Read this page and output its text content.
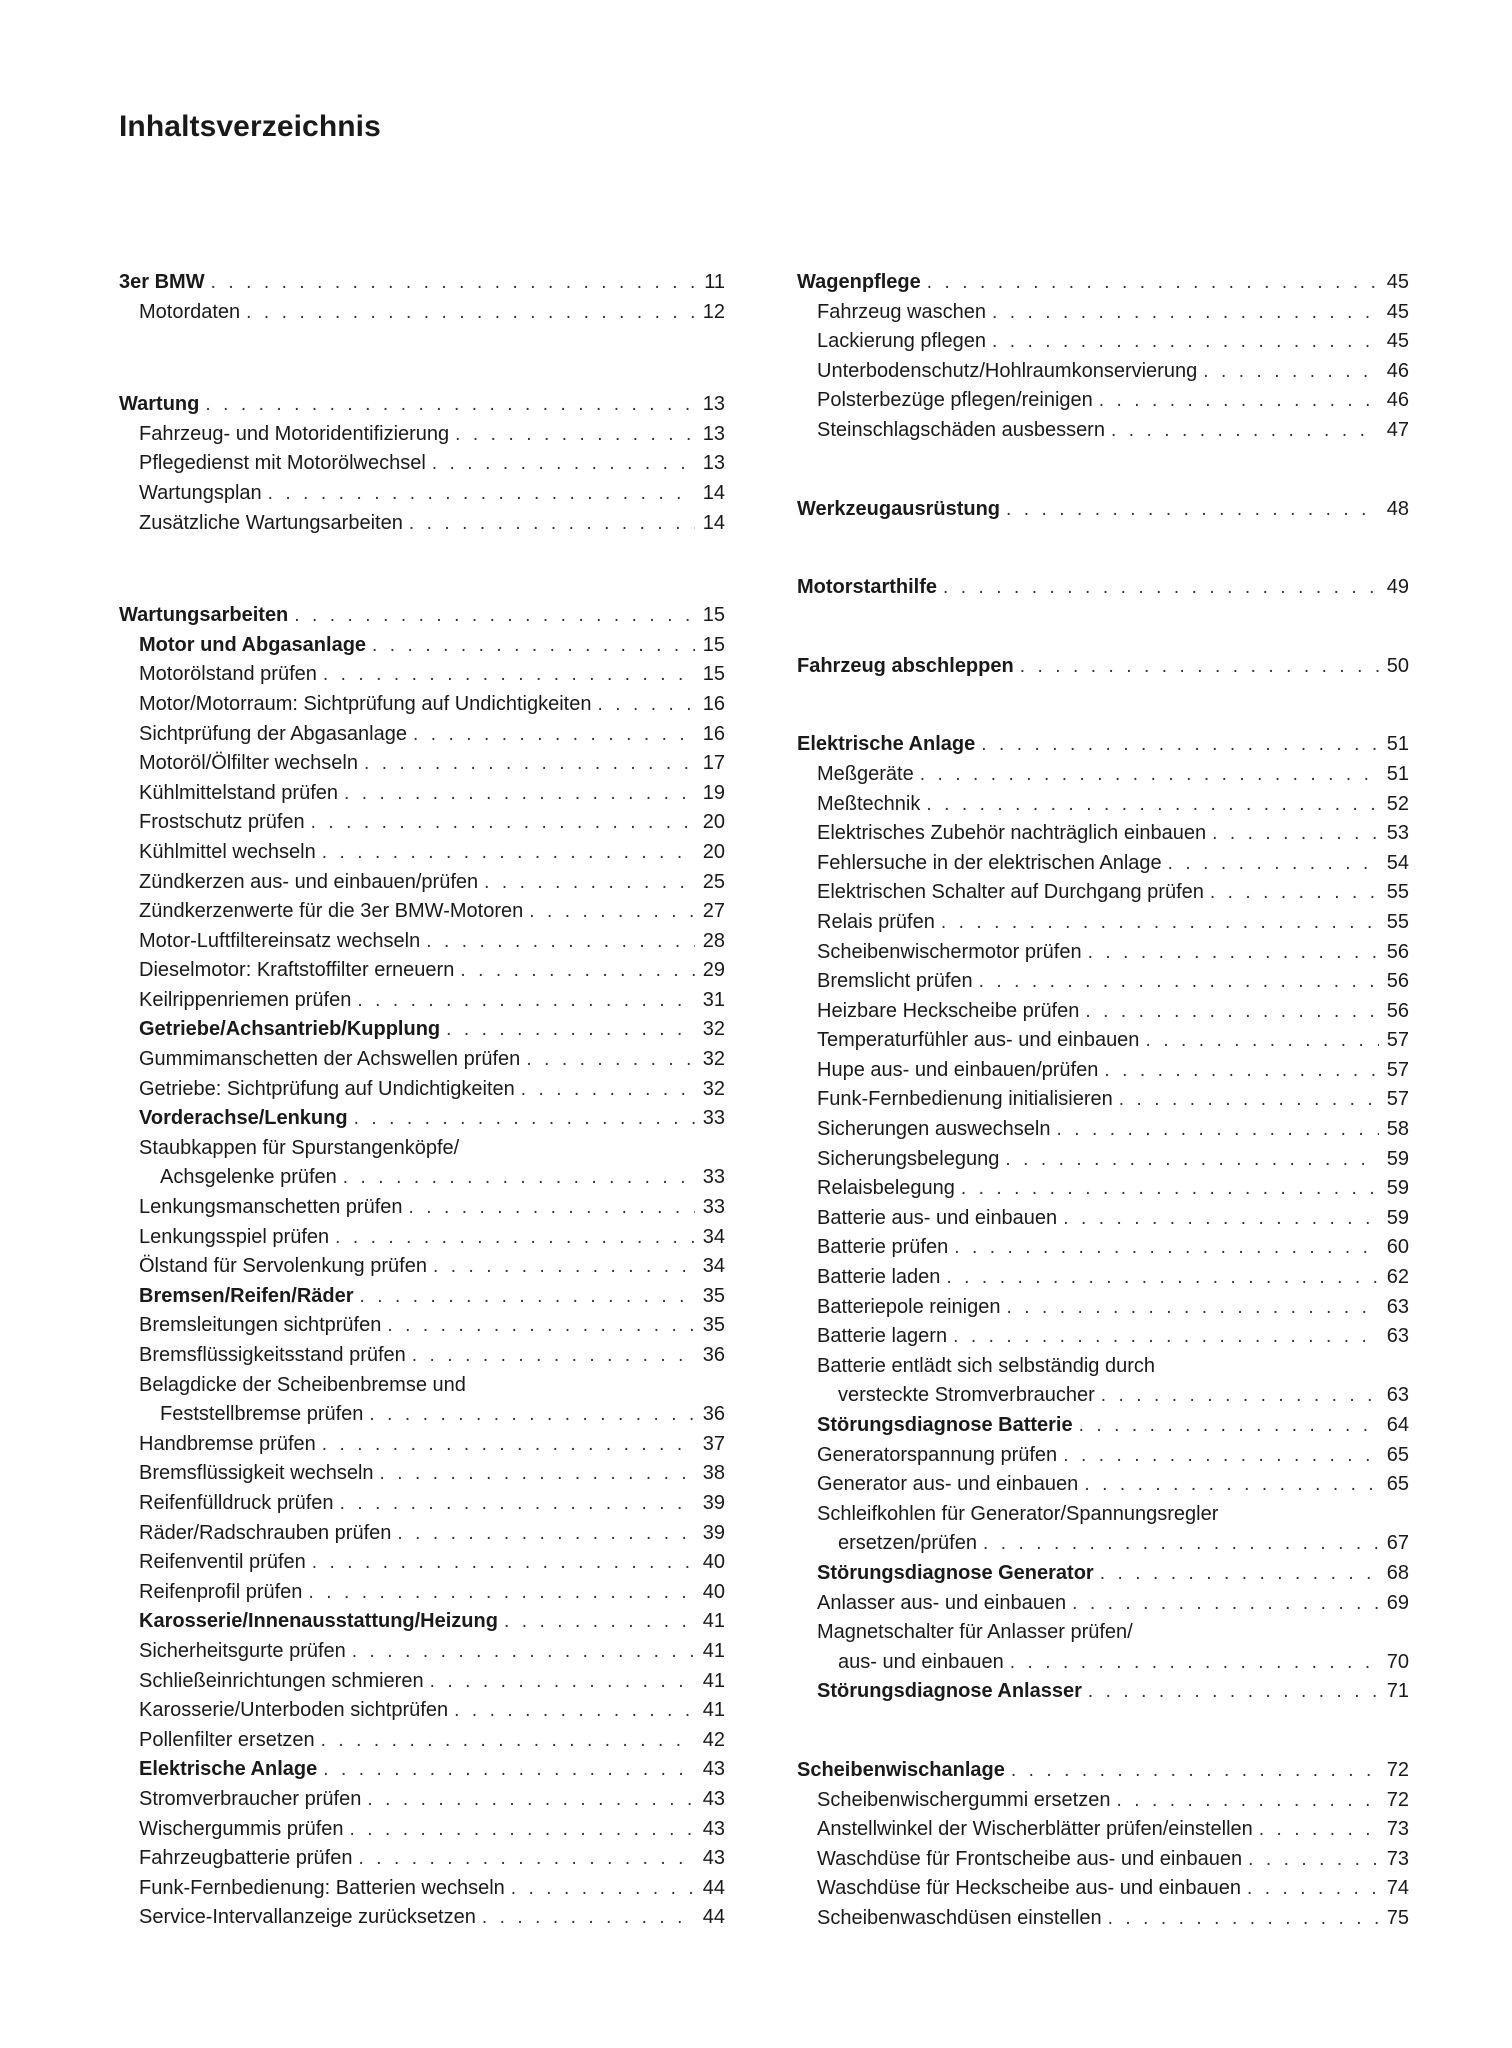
Inhaltsverzeichnis
3er BMW . . .	11
Motordaten . . .	12
Wartung . . .	13
Fahrzeug- und Motoridentifizierung . . .	13
Pflegedienst mit Motorölwechsel . . .	13
Wartungsplan . . .	14
Zusätzliche Wartungsarbeiten . . .	14
Wartungsarbeiten . . .	15
Motor und Abgasanlage . . .	15
Motorölstand prüfen . . .	15
Motor/Motorraum: Sichtprüfung auf Undichtigkeiten . . .	16
Sichtprüfung der Abgasanlage . . .	16
Motoröl/Ölfilter wechseln . . .	17
Kühlmittelstand prüfen . . .	19
Frostschutz prüfen . . .	20
Kühlmittel wechseln . . .	20
Zündkerzen aus- und einbauen/prüfen . . .	25
Zündkerzenwerte für die 3er BMW-Motoren . . .	27
Motor-Luftfiltereinsatz wechseln . . .	28
Dieselmotor: Kraftstoffilter erneuern . . .	29
Keilrippenriemen prüfen . . .	31
Getriebe/Achsantrieb/Kupplung . . .	32
Gummimanschetten der Achswellen prüfen . . .	32
Getriebe: Sichtprüfung auf Undichtigkeiten . . .	32
Vorderachse/Lenkung . . .	33
Staubkappen für Spurstangenköpfe/
Achsgelenke prüfen . . .	33
Lenkungsmanschetten prüfen . . .	33
Lenkungsspiel prüfen . . .	34
Ölstand für Servolenkung prüfen . . .	34
Bremsen/Reifen/Räder . . .	35
Bremsleitungen sichtprüfen . . .	35
Bremsflüssigkeitsstand prüfen . . .	36
Belagdicke der Scheibenbremse und
Feststellbremse prüfen . . .	36
Handbremse prüfen . . .	37
Bremsflüssigkeit wechseln . . .	38
Reifenfülldruck prüfen . . .	39
Räder/Radschrauben prüfen . . .	39
Reifenventil prüfen . . .	40
Reifenprofil prüfen . . .	40
Karosserie/Innenausstattung/Heizung . . .	41
Sicherheitsgurte prüfen . . .	41
Schließeinrichtungen schmieren . . .	41
Karosserie/Unterboden sichtprüfen . . .	41
Pollenfilter ersetzen . . .	42
Elektrische Anlage . . .	43
Stromverbraucher prüfen . . .	43
Wischergummis prüfen . . .	43
Fahrzeugbatterie prüfen . . .	43
Funk-Fernbedienung: Batterien wechseln . . .	44
Service-Intervallanzeige zurücksetzen . . .	44
Wagenpflege . . .	45
Fahrzeug waschen . . .	45
Lackierung pflegen . . .	45
Unterbodenschutz/Hohlraumkonservierung . . .	46
Polsterbezüge pflegen/reinigen . . .	46
Steinschlagschäden ausbessern . . .	47
Werkzeugausrüstung . . .	48
Motorstarthilfe . . .	49
Fahrzeug abschleppen . . .	50
Elektrische Anlage . . .	51
Meßgeräte . . .	51
Meßtechnik . . .	52
Elektrisches Zubehör nachträglich einbauen . . .	53
Fehlersuche in der elektrischen Anlage . . .	54
Elektrischen Schalter auf Durchgang prüfen . . .	55
Relais prüfen . . .	55
Scheibenwischermotor prüfen . . .	56
Bremslicht prüfen . . .	56
Heizbare Heckscheibe prüfen . . .	56
Temperaturfühler aus- und einbauen . . .	57
Hupe aus- und einbauen/prüfen . . .	57
Funk-Fernbedienung initialisieren . . .	57
Sicherungen auswechseln . . .	58
Sicherungsbelegung . . .	59
Relaisbelegung . . .	59
Batterie aus- und einbauen . . .	59
Batterie prüfen . . .	60
Batterie laden . . .	62
Batteriepole reinigen . . .	63
Batterie lagern . . .	63
Batterie entlädt sich selbständig durch
versteckte Stromverbraucher . . .	63
Störungsdiagnose Batterie . . .	64
Generatorspannung prüfen . . .	65
Generator aus- und einbauen . . .	65
Schleifkohlen für Generator/Spannungsregler
ersetzen/prüfen . . .	67
Störungsdiagnose Generator . . .	68
Anlasser aus- und einbauen . . .	69
Magnetschalter für Anlasser prüfen/
aus- und einbauen . . .	70
Störungsdiagnose Anlasser . . .	71
Scheibenwischanlage . . .	72
Scheibenwischergummi ersetzen . . .	72
Anstellwinkel der Wischerblätter prüfen/einstellen . . .	73
Waschdüse für Frontscheibe aus- und einbauen . . .	73
Waschdüse für Heckscheibe aus- und einbauen . . .	74
Scheibenwaschdüsen einstellen . . .	75
